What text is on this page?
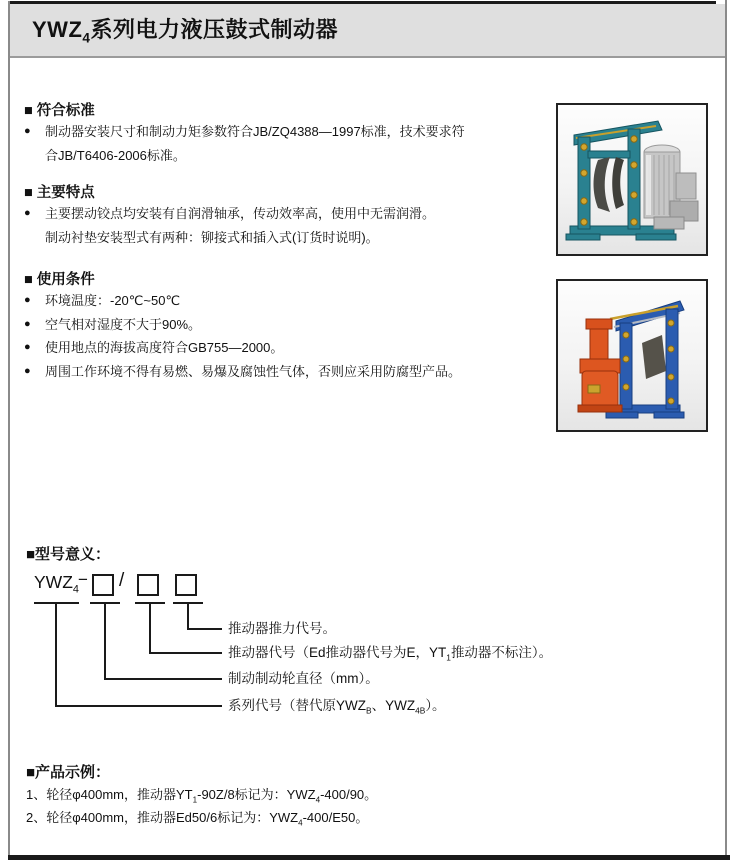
$YWZ_4$系列电力液压鼓式制动器
■ 符合标准
●	制动器安装尺寸和制动力矩参数符合JB/ZQ4388—1997标准，技术要求符
合JB/T6406-2006标准。
■ 主要特点
●	主要摆动铰点均安装有自润滑轴承，传动效率高，使用中无需润滑。
制动衬垫安装型式有两种：铆接式和插入式(订货时说明)。
■ 使用条件
●	环境温度：-20℃~50℃
●	空气相对湿度不大于90%。
●	使用地点的海拔高度符合GB755—2000。
●	周围工作环境不得有易燃、易爆及腐蚀性气体，否则应采用防腐型产品。
■型号意义：
$YWZ_4$
− /
推动器推力代号。
推动器代号（Ed推动器代号为E，$YT_1$推动器不标注）。
制动制动轮直径（mm）。
系列代号（替代原$YWZ_B$、$YWZ_{4B}$）。
■产品示例：
1、轮径φ400mm，推动器$YT_1-90Z/8$标记为：$YWZ_4-400/90$。
2、轮径φ400mm，推动器Ed50/6标记为：$YWZ_4-400/E50$。
